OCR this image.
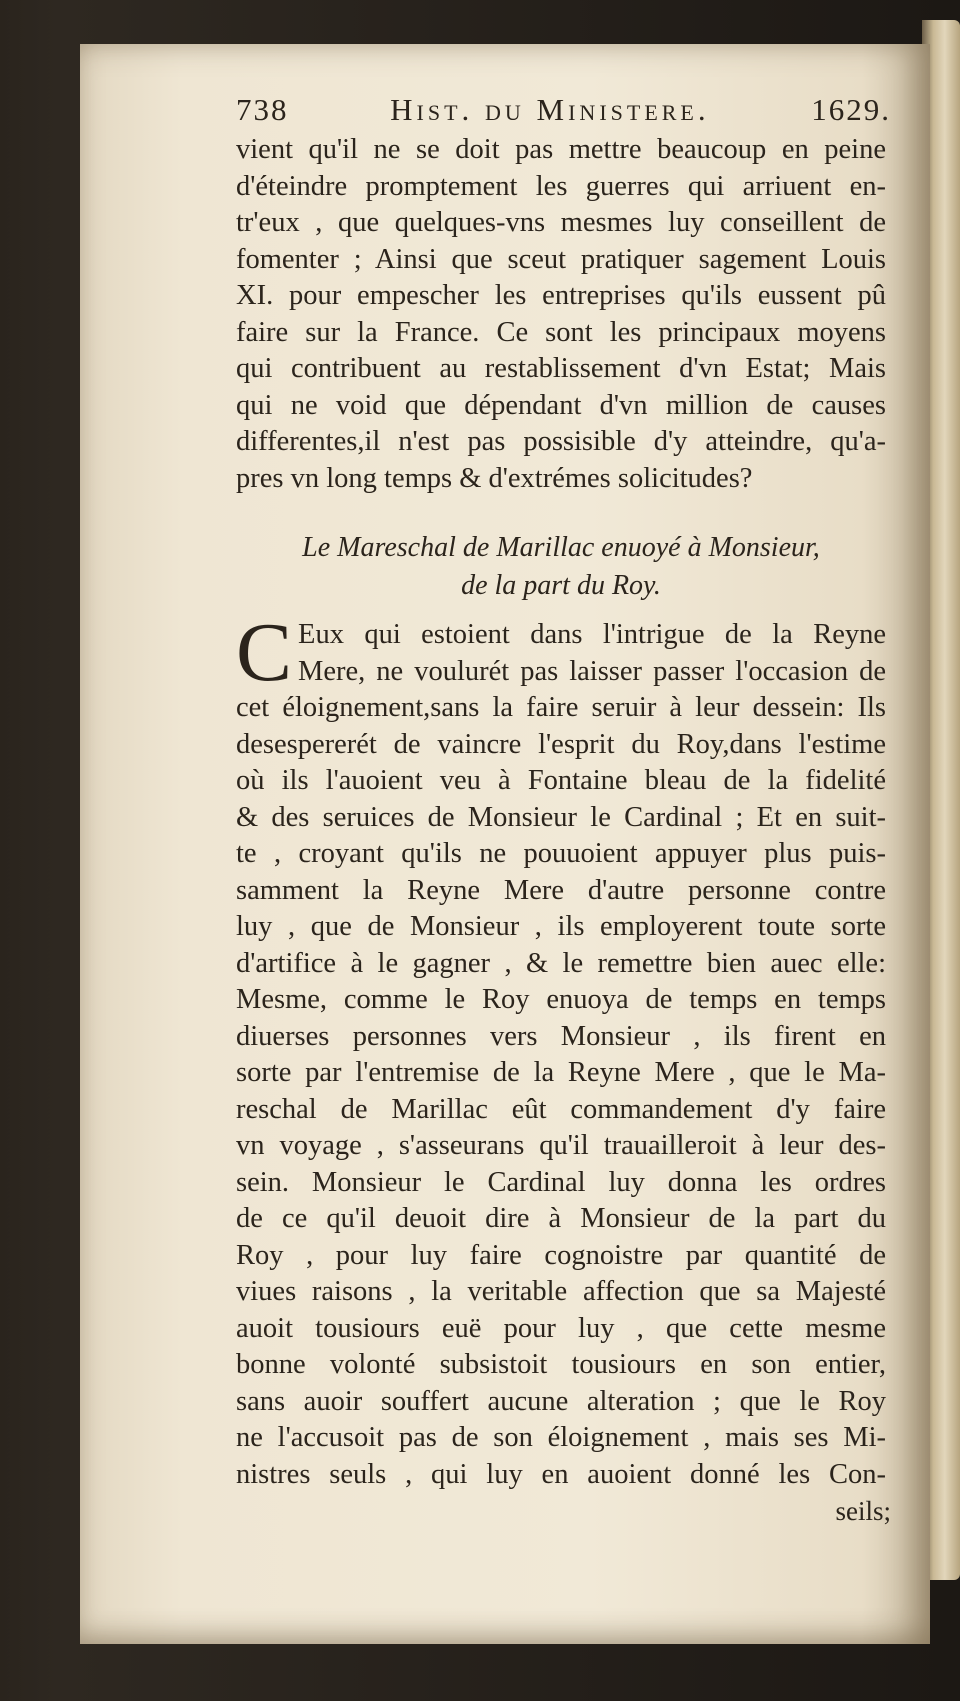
738	Hist. du Ministere.	1629.
vient qu'il ne se doit pas mettre beaucoup en peine
d'éteindre promptement les guerres qui arriuent en-
tr'eux , que quelques-vns mesmes luy conseillent de
fomenter ; Ainsi que sceut pratiquer sagement Louis
XI. pour empescher les entreprises qu'ils eussent pû
faire sur la France. Ce sont les principaux moyens
qui contribuent au restablissement d'vn Estat; Mais
qui ne void que dépendant d'vn million de causes
differentes,il n'est pas possisible d'y atteindre, qu'a-
pres vn long temps & d'extrémes solicitudes?
Le Mareschal de Marillac enuoyé à Monsieur,
de la part du Roy.
C Eux qui estoient dans l'intrigue de la Reyne
Mere, ne voulurét pas laisser passer l'occasion de
cet éloignement,sans la faire seruir à leur dessein: Ils
desespererét de vaincre l'esprit du Roy,dans l'estime
où ils l'auoient veu à Fontaine bleau de la fidelité
& des seruices de Monsieur le Cardinal ; Et en suit-
te , croyant qu'ils ne pouuoient appuyer plus puis-
samment la Reyne Mere d'autre personne contre
luy , que de Monsieur , ils employerent toute sorte
d'artifice à le gagner , & le remettre bien auec elle:
Mesme, comme le Roy enuoya de temps en temps
diuerses personnes vers Monsieur , ils firent en
sorte par l'entremise de la Reyne Mere , que le Ma-
reschal de Marillac eût commandement d'y faire
vn voyage , s'asseurans qu'il trauailleroit à leur des-
sein. Monsieur le Cardinal luy donna les ordres
de ce qu'il deuoit dire à Monsieur de la part du
Roy , pour luy faire cognoistre par quantité de
viues raisons , la veritable affection que sa Majesté
auoit tousiours euë pour luy , que cette mesme
bonne volonté subsistoit tousiours en son entier,
sans auoir souffert aucune alteration ; que le Roy
ne l'accusoit pas de son éloignement , mais ses Mi-
nistres seuls , qui luy en auoient donné les Con-
seils;
